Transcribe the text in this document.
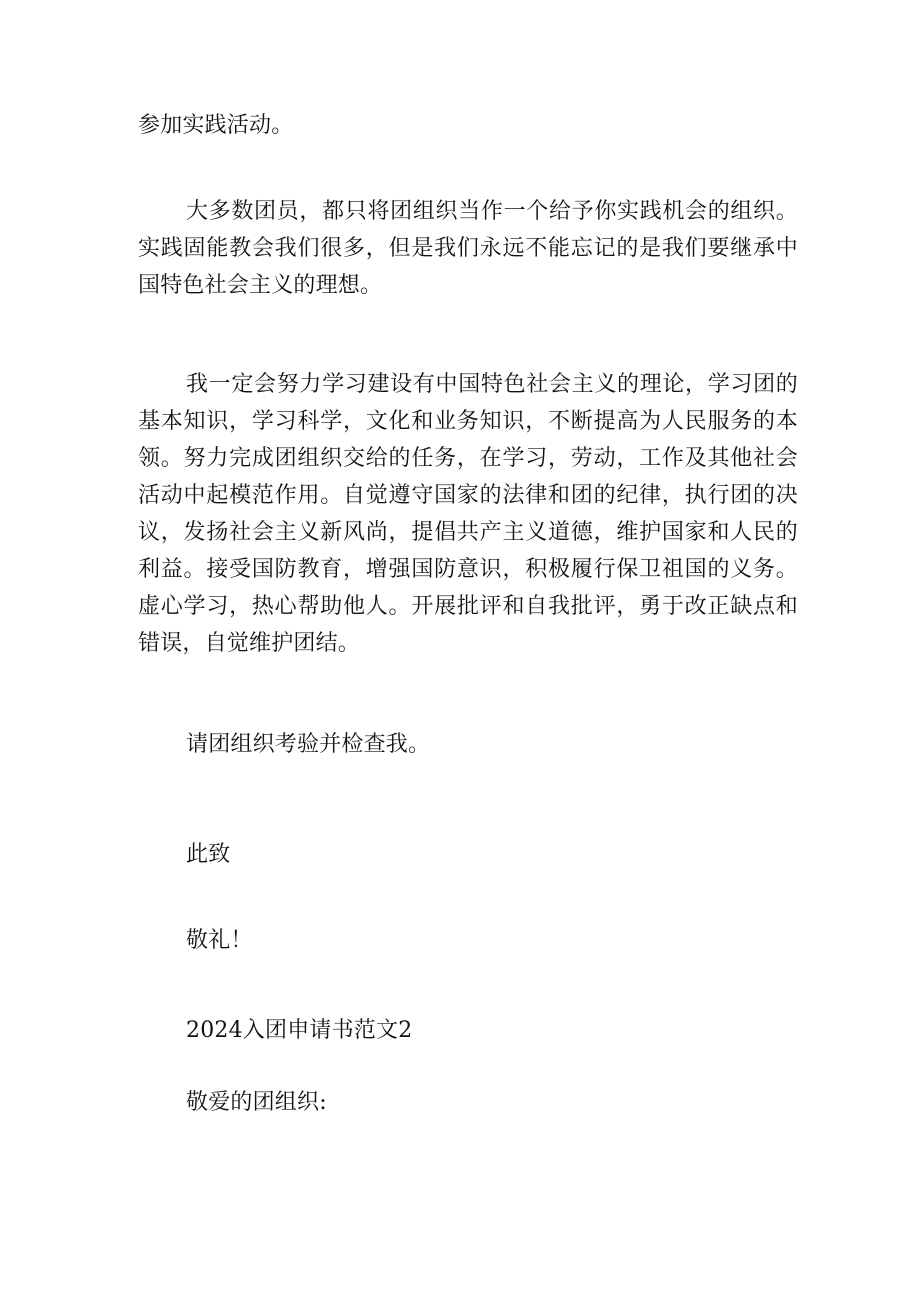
参加实践活动。

大多数团员，都只将团组织当作一个给予你实践机会的组织。实践固能教会我们很多，但是我们永远不能忘记的是我们要继承中国特色社会主义的理想。

我一定会努力学习建设有中国特色社会主义的理论，学习团的基本知识，学习科学，文化和业务知识，不断提高为人民服务的本领。努力完成团组织交给的任务，在学习，劳动，工作及其他社会活动中起模范作用。自觉遵守国家的法律和团的纪律，执行团的决议，发扬社会主义新风尚，提倡共产主义道德，维护国家和人民的利益。接受国防教育，增强国防意识，积极履行保卫祖国的义务。虚心学习，热心帮助他人。开展批评和自我批评，勇于改正缺点和错误，自觉维护团结。

请团组织考验并检查我。

此致

敬礼！

2024入团申请书范文2

敬爱的团组织:
